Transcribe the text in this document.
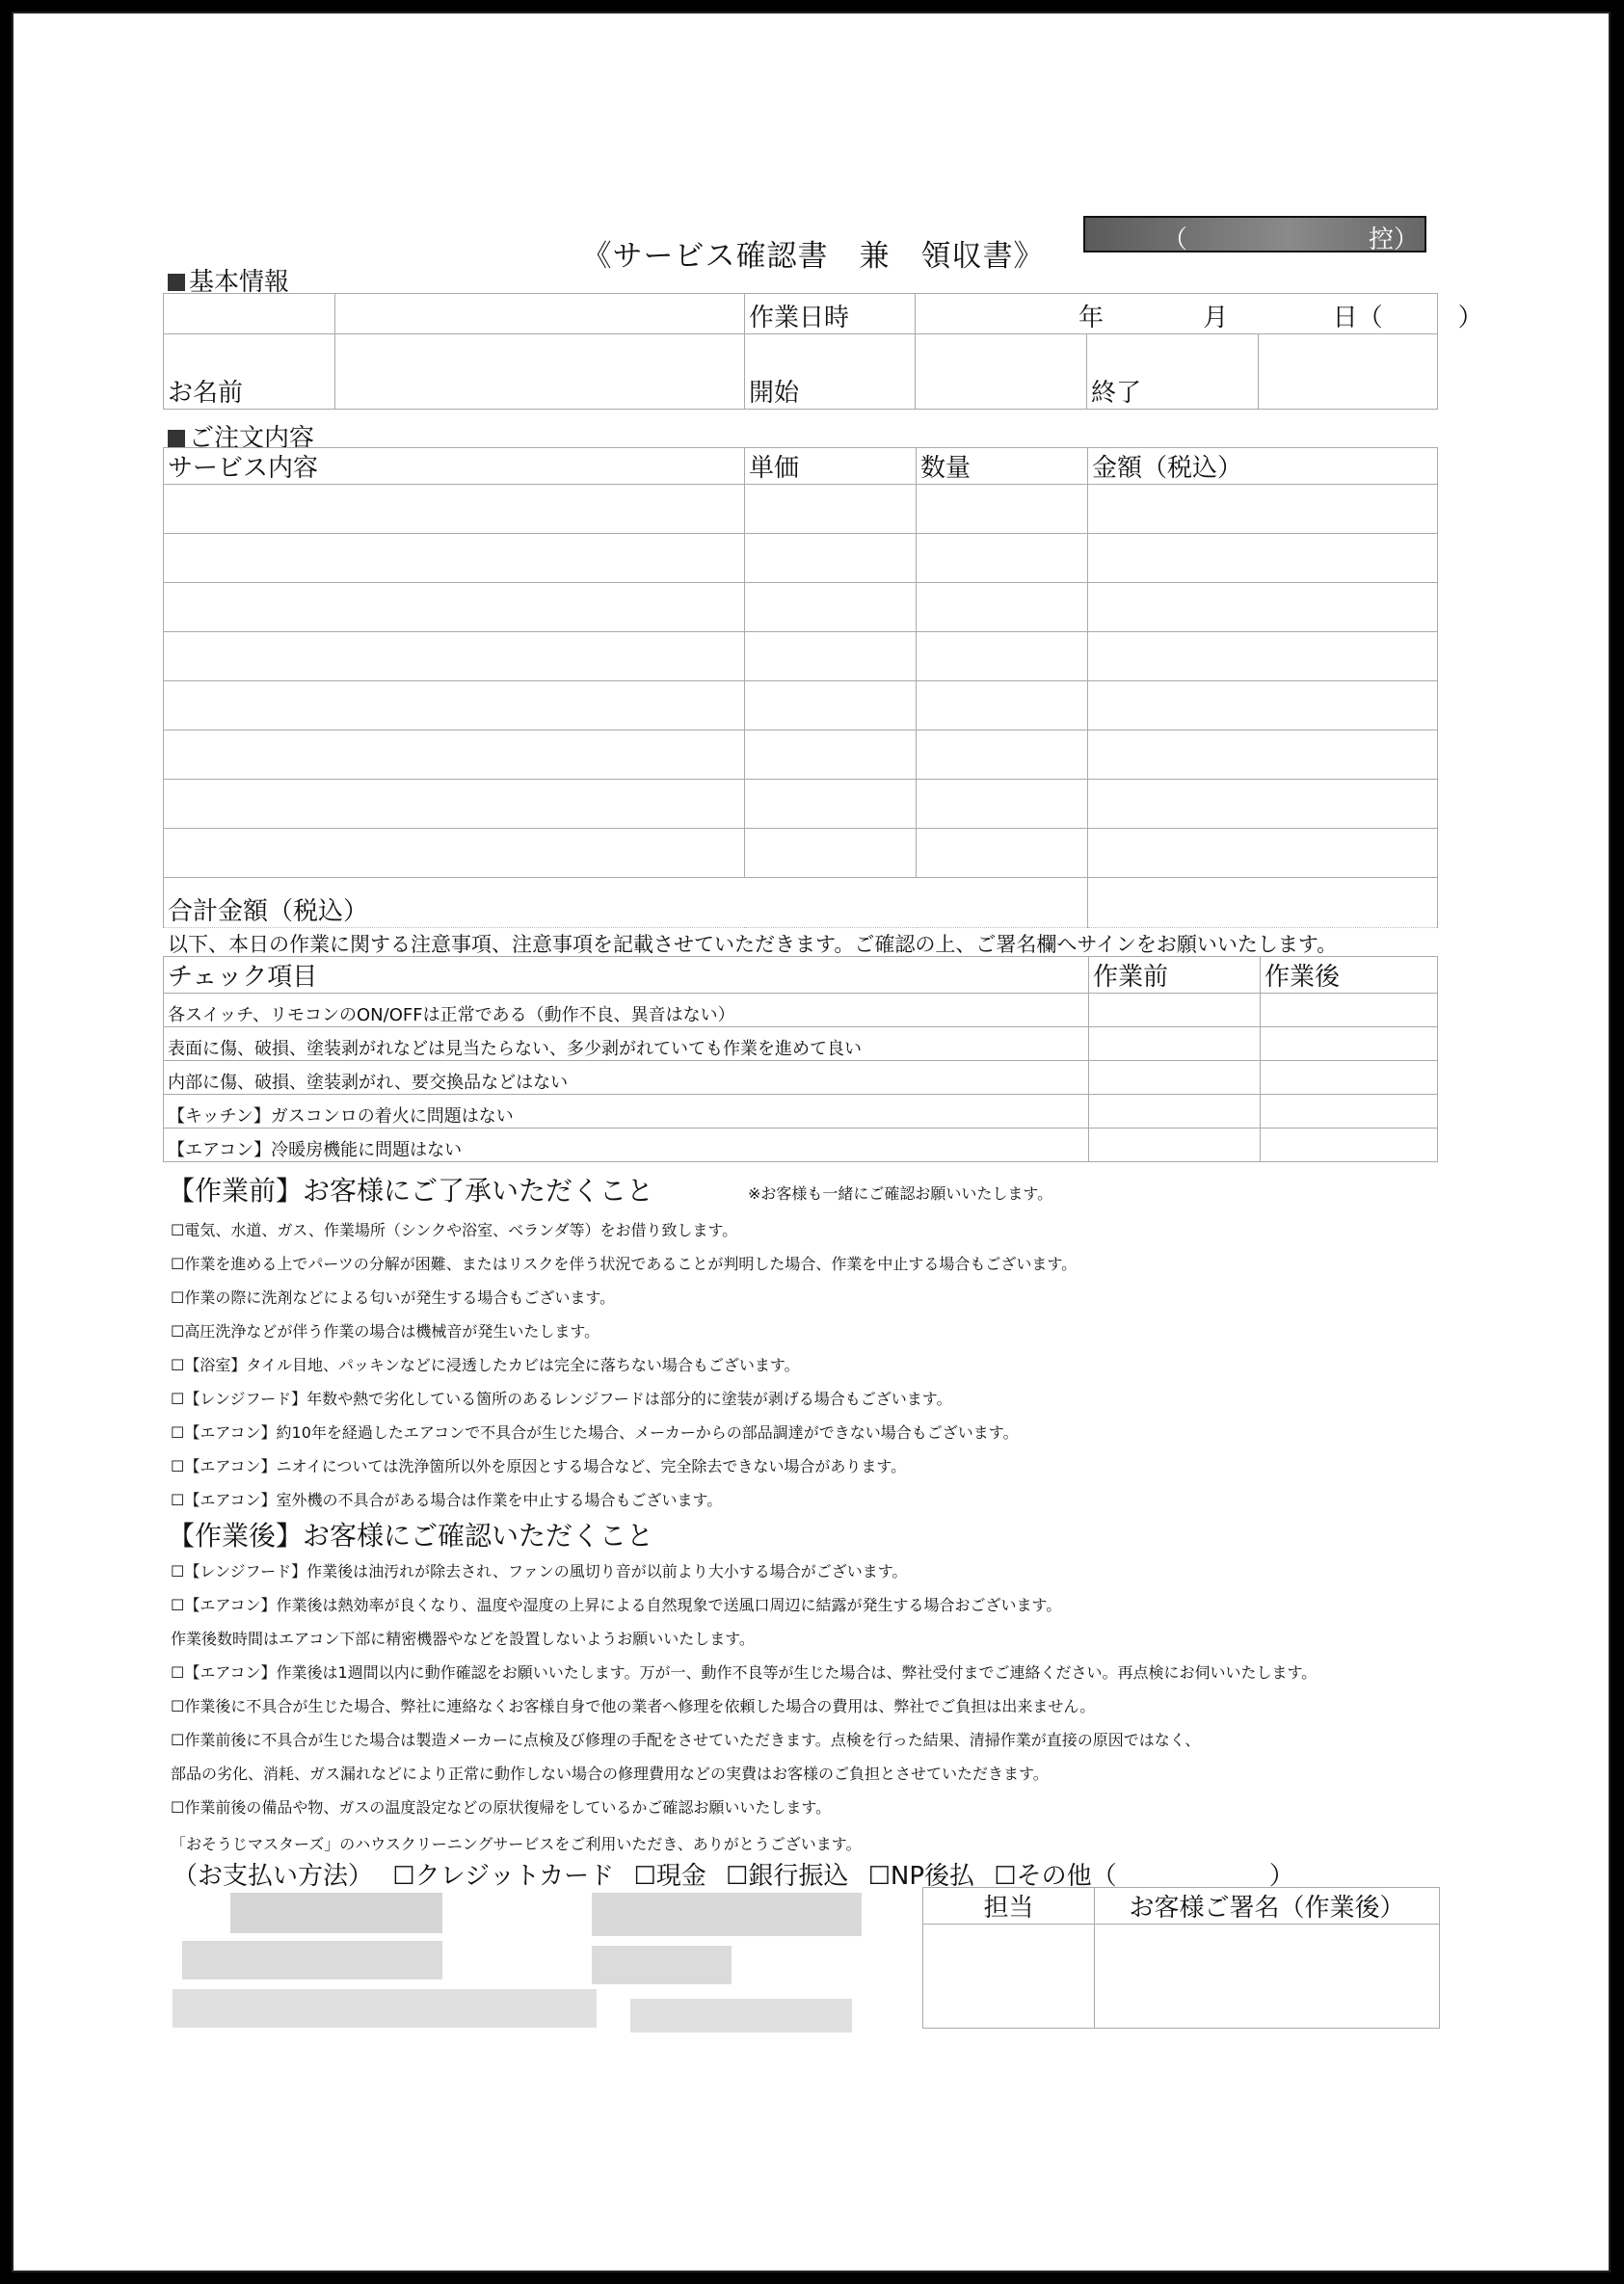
《サービス確認書　兼　領収書》	（	控）
基本情報
		作業日時	年 月 日（　　　）		
お名前		開始		終了	
ご注文内容
サービス内容	単価	数量	金額（税込）

合計金額（税込）			
以下、本日の作業に関する注意事項、注意事項を記載させていただきます。ご確認の上、ご署名欄へサインをお願いいたします。
チェック項目	作業前	作業後
各スイッチ、リモコンのON/OFFは正常である（動作不良、異音はない）		
表面に傷、破損、塗装剥がれなどは見当たらない、多少剥がれていても作業を進めて良い		
内部に傷、破損、塗装剥がれ、要交換品などはない		
【キッチン】ガスコンロの着火に問題はない		
【エアコン】冷暖房機能に問題はない		
【作業前】お客様にご了承いただくこと	※お客様も一緒にご確認お願いいたします。
☐電気、水道、ガス、作業場所（シンクや浴室、ベランダ等）をお借り致します。
☐作業を進める上でパーツの分解が困難、またはリスクを伴う状況であることが判明した場合、作業を中止する場合もございます。
☐作業の際に洗剤などによる匂いが発生する場合もございます。
☐高圧洗浄などが伴う作業の場合は機械音が発生いたします。
☐【浴室】タイル目地、パッキンなどに浸透したカビは完全に落ちない場合もございます。
☐【レンジフード】年数や熱で劣化している箇所のあるレンジフードは部分的に塗装が剥げる場合もございます。
☐【エアコン】約10年を経過したエアコンで不具合が生じた場合、メーカーからの部品調達ができない場合もございます。
☐【エアコン】ニオイについては洗浄箇所以外を原因とする場合など、完全除去できない場合があります。
☐【エアコン】室外機の不具合がある場合は作業を中止する場合もございます。
【作業後】お客様にご確認いただくこと
☐【レンジフード】作業後は油汚れが除去され、ファンの風切り音が以前より大小する場合がございます。
☐【エアコン】作業後は熱効率が良くなり、温度や湿度の上昇による自然現象で送風口周辺に結露が発生する場合おございます。
作業後数時間はエアコン下部に精密機器やなどを設置しないようお願いいたします。
☐【エアコン】作業後は1週間以内に動作確認をお願いいたします。万が一、動作不良等が生じた場合は、弊社受付までご連絡ください。再点検にお伺いいたします。
☐作業後に不具合が生じた場合、弊社に連絡なくお客様自身で他の業者へ修理を依頼した場合の費用は、弊社でご負担は出来ません。
☐作業前後に不具合が生じた場合は製造メーカーに点検及び修理の手配をさせていただきます。点検を行った結果、清掃作業が直接の原因ではなく、
部品の劣化、消耗、ガス漏れなどにより正常に動作しない場合の修理費用などの実費はお客様のご負担とさせていただきます。
☐作業前後の備品や物、ガスの温度設定などの原状復帰をしているかご確認お願いいたします。
「おそうじマスターズ」のハウスクリーニングサービスをご利用いただき、ありがとうございます。
（お支払い方法） ☐クレジットカード ☐現金 ☐銀行振込 ☐NP後払 ☐その他（	）
担当	お客様ご署名（作業後）
